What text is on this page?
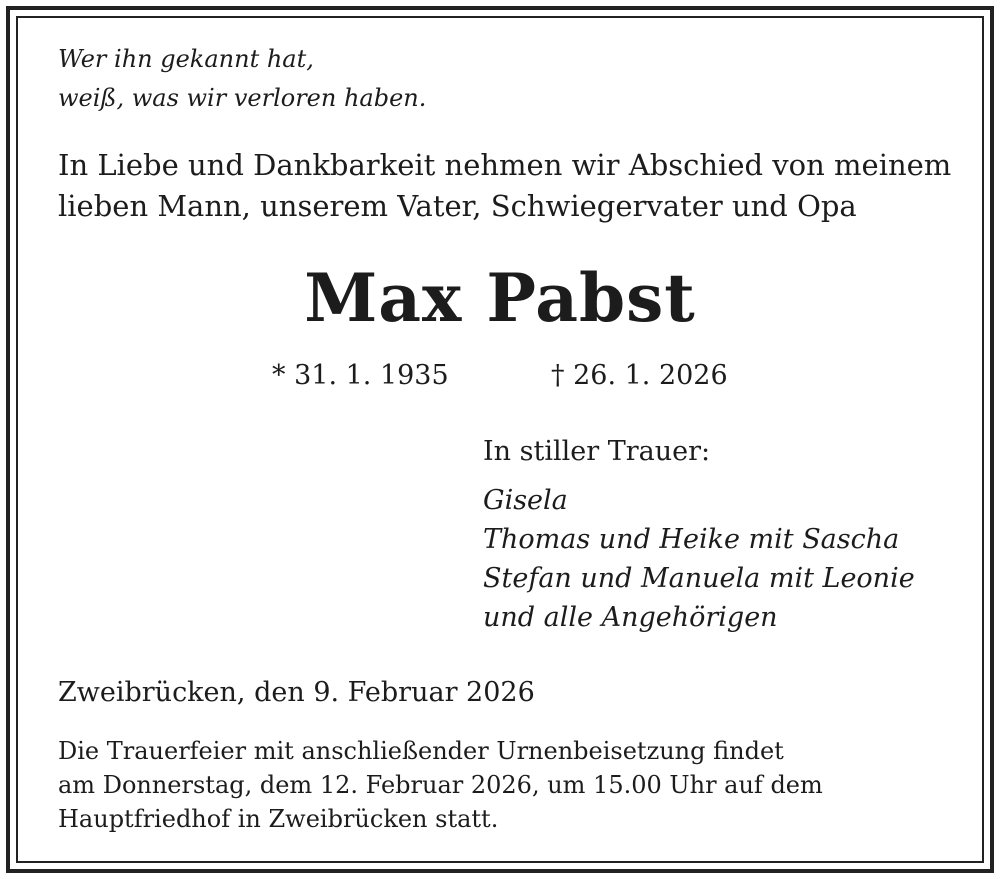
Wer ihn gekannt hat,
weiß, was wir verloren haben.
In Liebe und Dankbarkeit nehmen wir Abschied von meinem
lieben Mann, unserem Vater, Schwiegervater und Opa
Max Pabst
* 31. 1. 1935	† 26. 1. 2026
In stiller Trauer:
Gisela
Thomas und Heike mit Sascha
Stefan und Manuela mit Leonie
und alle Angehörigen
Zweibrücken, den 9. Februar 2026
Die Trauerfeier mit anschließender Urnenbeisetzung findet
am Donnerstag, dem 12. Februar 2026, um 15.00 Uhr auf dem
Hauptfriedhof in Zweibrücken statt.
